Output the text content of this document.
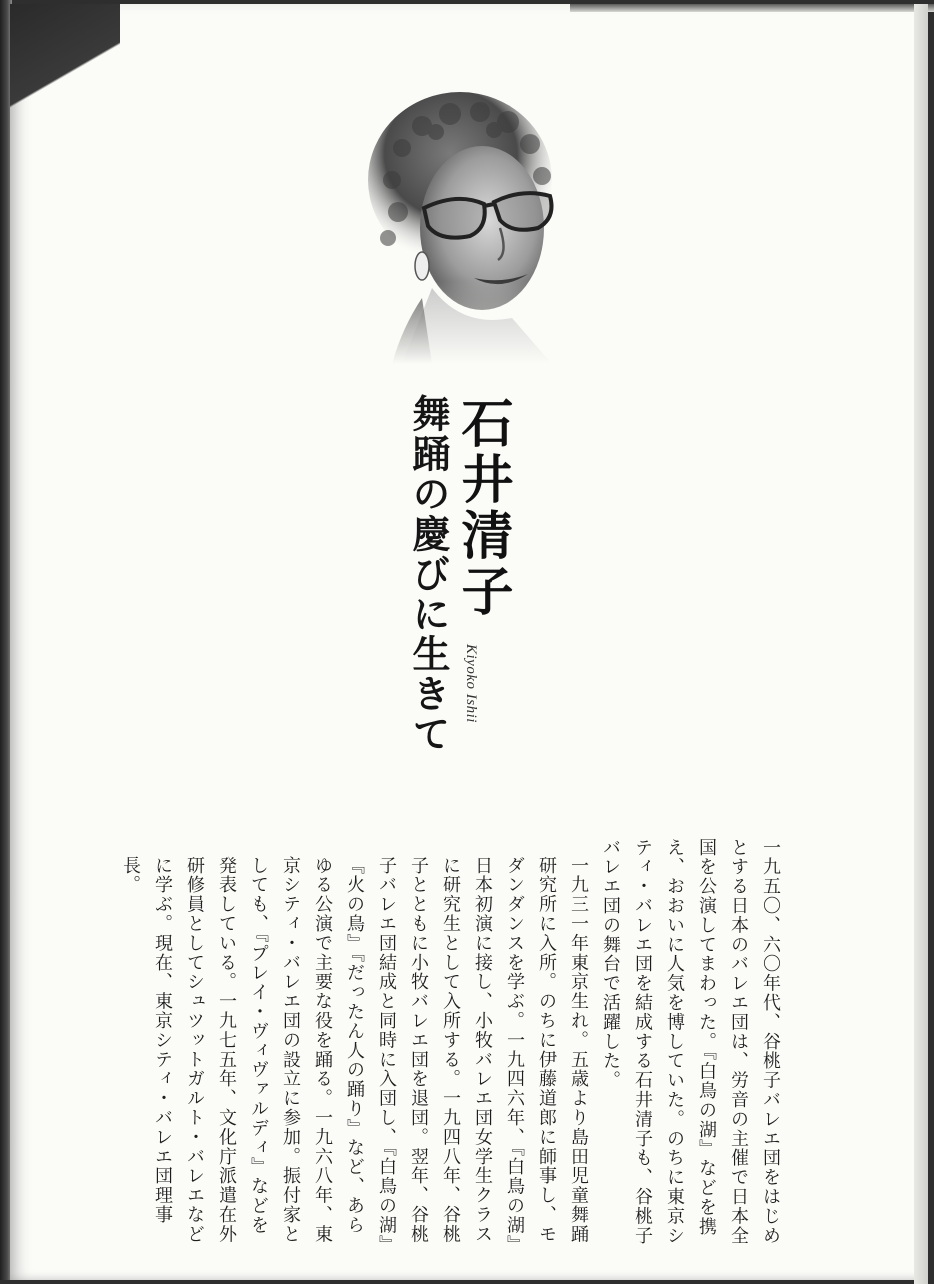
石井清子
舞踊の慶びに生きて Kiyoko Ishii

一九五〇、六〇年代、谷桃子バレエ団をはじめとする日本のバレエ団は、労音の主催で日本全国を公演してまわった。『白鳥の湖』などを携え、おおいに人気を博していた。のちに東京シティ・バレエ団を結成する石井清子も、谷桃子バレエ団の舞台で活躍した。

一九三一年東京生れ。五歳より島田児童舞踊研究所に入所。のちに伊藤道郎に師事し、モダンダンスを学ぶ。一九四六年、『白鳥の湖』日本初演に接し、小牧バレエ団女学生クラスに研究生として入所する。一九四八年、谷桃子とともに小牧バレエ団を退団。翌年、谷桃子バレエ団結成と同時に入団し、『白鳥の湖』『火の鳥』『だったん人の踊り』など、あらゆる公演で主要な役を踊る。一九六八年、東京シティ・バレエ団の設立に参加。振付家としても、『プレイ・ヴィヴァルディ』などを発表している。一九七五年、文化庁派遣在外研修員としてシュツットガルト・バレエなどに学ぶ。現在、東京シティ・バレエ団理事長。
